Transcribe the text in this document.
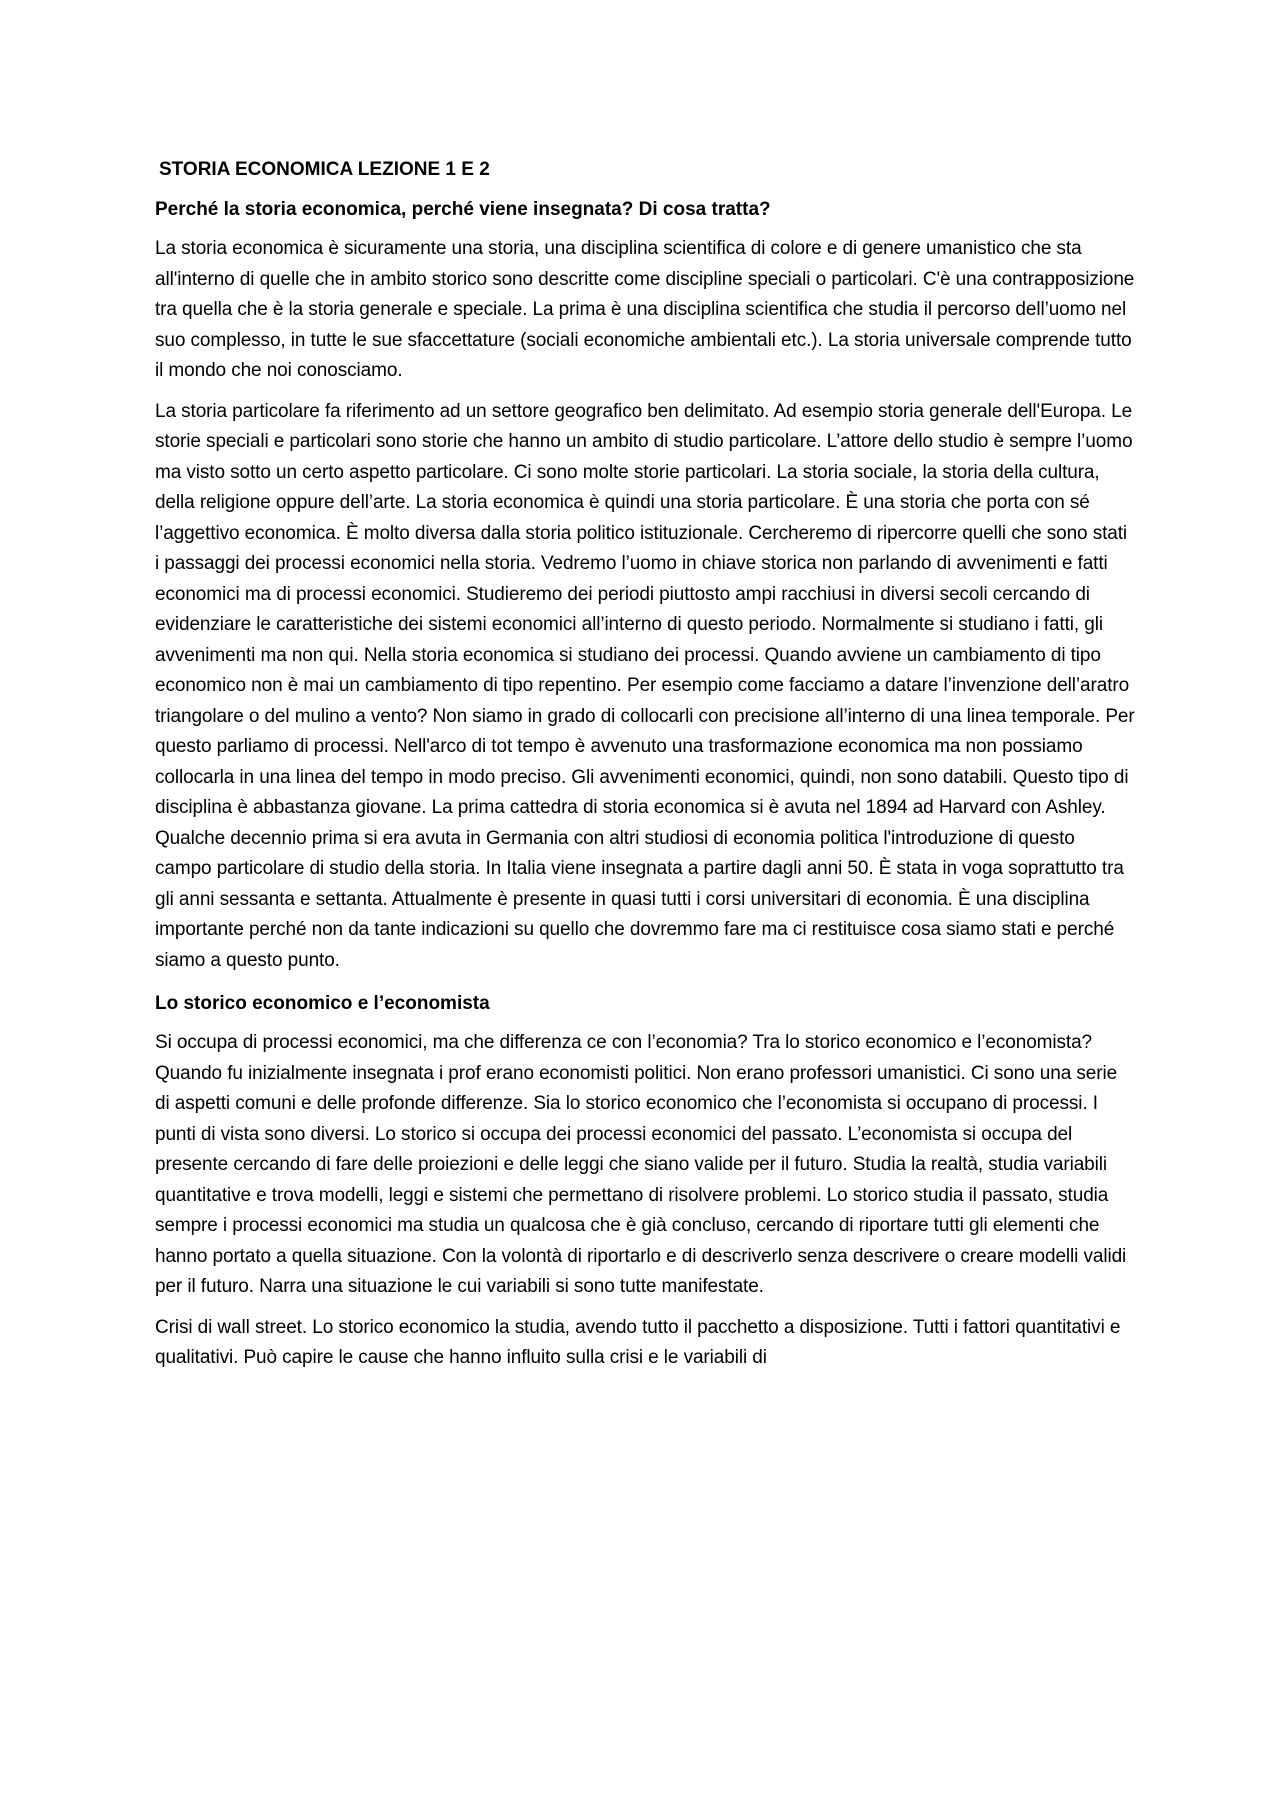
STORIA ECONOMICA LEZIONE 1 E 2
Perché la storia economica, perché viene insegnata? Di cosa tratta?

La storia economica è sicuramente una storia, una disciplina scientifica di colore e di genere umanistico che sta all'interno di quelle che in ambito storico sono descritte come discipline speciali o particolari. C'è una contrapposizione tra quella che è la storia generale e speciale. La prima è una disciplina scientifica che studia il percorso dell’uomo nel suo complesso, in tutte le sue sfaccettature (sociali economiche ambientali etc.). La storia universale comprende tutto il mondo che noi conosciamo.

La storia particolare fa riferimento ad un settore geografico ben delimitato. Ad esempio storia generale dell'Europa. Le storie speciali e particolari sono storie che hanno un ambito di studio particolare. L’attore dello studio è sempre l’uomo ma visto sotto un certo aspetto particolare. Ci sono molte storie particolari. La storia sociale, la storia della cultura, della religione oppure dell’arte. La storia economica è quindi una storia particolare. È una storia che porta con sé l’aggettivo economica. È molto diversa dalla storia politico istituzionale. Cercheremo di ripercorre quelli che sono stati i passaggi dei processi economici nella storia. Vedremo l’uomo in chiave storica non parlando di avvenimenti e fatti economici ma di processi economici. Studieremo dei periodi piuttosto ampi racchiusi in diversi secoli cercando di evidenziare le caratteristiche dei sistemi economici all’interno di questo periodo. Normalmente si studiano i fatti, gli avvenimenti ma non qui. Nella storia economica si studiano dei processi. Quando avviene un cambiamento di tipo economico non è mai un cambiamento di tipo repentino. Per esempio come facciamo a datare l’invenzione dell’aratro triangolare o del mulino a vento? Non siamo in grado di collocarli con precisione all’interno di una linea temporale. Per questo parliamo di processi. Nell'arco di tot tempo è avvenuto una trasformazione economica ma non possiamo collocarla in una linea del tempo in modo preciso. Gli avvenimenti economici, quindi, non sono databili. Questo tipo di disciplina è abbastanza giovane. La prima cattedra di storia economica si è avuta nel 1894 ad Harvard con Ashley. Qualche decennio prima si era avuta in Germania con altri studiosi di economia politica l'introduzione di questo campo particolare di studio della storia. In Italia viene insegnata a partire dagli anni 50. È stata in voga soprattutto tra gli anni sessanta e settanta. Attualmente è presente in quasi tutti i corsi universitari di economia. È una disciplina importante perché non da tante indicazioni su quello che dovremmo fare ma ci restituisce cosa siamo stati e perché siamo a questo punto.

Lo storico economico e l’economista

Si occupa di processi economici, ma che differenza ce con l’economia? Tra lo storico economico e l’economista? Quando fu inizialmente insegnata i prof erano economisti politici. Non erano professori umanistici. Ci sono una serie di aspetti comuni e delle profonde differenze. Sia lo storico economico che l’economista si occupano di processi. I punti di vista sono diversi. Lo storico si occupa dei processi economici del passato. L’economista si occupa del presente cercando di fare delle proiezioni e delle leggi che siano valide per il futuro. Studia la realtà, studia variabili quantitative e trova modelli, leggi e sistemi che permettano di risolvere problemi. Lo storico studia il passato, studia sempre i processi economici ma studia un qualcosa che è già concluso, cercando di riportare tutti gli elementi che hanno portato a quella situazione. Con la volontà di riportarlo e di descriverlo senza descrivere o creare modelli validi per il futuro. Narra una situazione le cui variabili si sono tutte manifestate.

Crisi di wall street. Lo storico economico la studia, avendo tutto il pacchetto a disposizione. Tutti i fattori quantitativi e qualitativi. Può capire le cause che hanno influito sulla crisi e le variabili di
